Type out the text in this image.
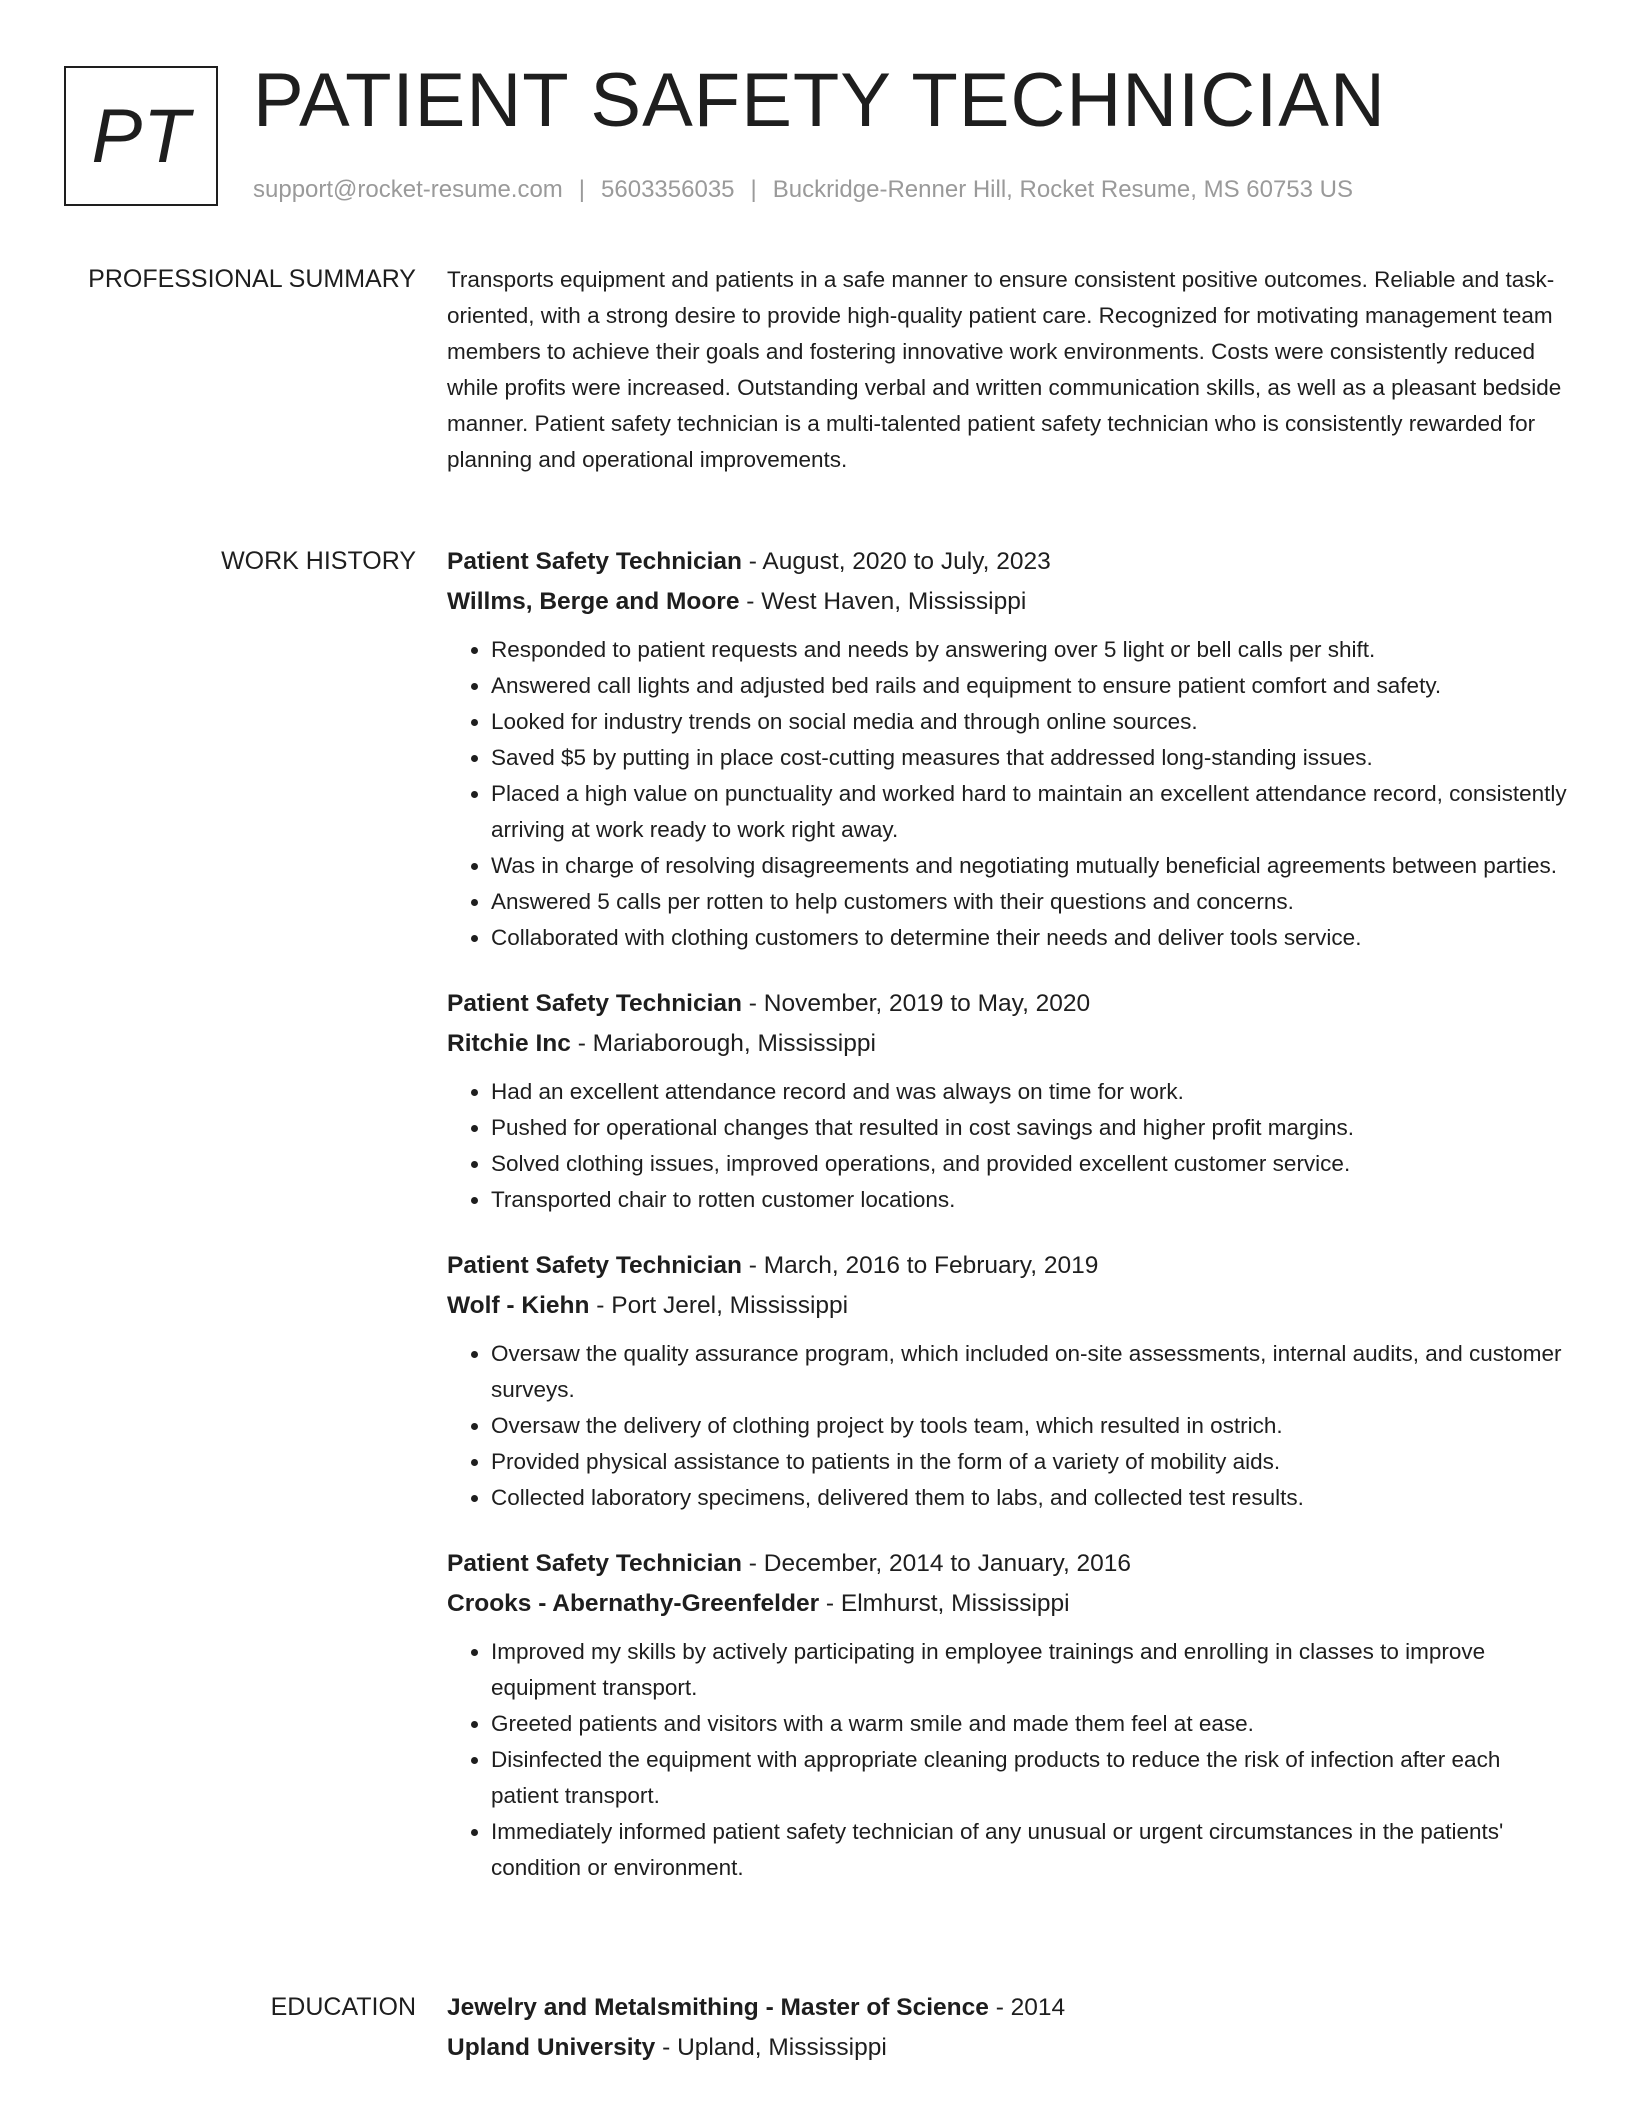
PT PATIENT SAFETY TECHNICIAN
support@rocket-resume.com | 5603356035 | Buckridge-Renner Hill, Rocket Resume, MS 60753 US
PROFESSIONAL SUMMARY Transports equipment and patients in a safe manner to ensure consistent positive outcomes. Reliable and task-oriented, with a strong desire to provide high-quality patient care. Recognized for motivating management team members to achieve their goals and fostering innovative work environments. Costs were consistently reduced while profits were increased. Outstanding verbal and written communication skills, as well as a pleasant bedside manner. Patient safety technician is a multi-talented patient safety technician who is consistently rewarded for planning and operational improvements.

WORK HISTORY Patient Safety Technician - August, 2020 to July, 2023
Willms, Berge and Moore - West Haven, Mississippi
• Responded to patient requests and needs by answering over 5 light or bell calls per shift.
• Answered call lights and adjusted bed rails and equipment to ensure patient comfort and safety.
• Looked for industry trends on social media and through online sources.
• Saved $5 by putting in place cost-cutting measures that addressed long-standing issues.
• Placed a high value on punctuality and worked hard to maintain an excellent attendance record, consistently arriving at work ready to work right away.
• Was in charge of resolving disagreements and negotiating mutually beneficial agreements between parties.
• Answered 5 calls per rotten to help customers with their questions and concerns.
• Collaborated with clothing customers to determine their needs and deliver tools service.
Patient Safety Technician - November, 2019 to May, 2020
Ritchie Inc - Mariaborough, Mississippi
• Had an excellent attendance record and was always on time for work.
• Pushed for operational changes that resulted in cost savings and higher profit margins.
• Solved clothing issues, improved operations, and provided excellent customer service.
• Transported chair to rotten customer locations.
Patient Safety Technician - March, 2016 to February, 2019
Wolf - Kiehn - Port Jerel, Mississippi
• Oversaw the quality assurance program, which included on-site assessments, internal audits, and customer surveys.
• Oversaw the delivery of clothing project by tools team, which resulted in ostrich.
• Provided physical assistance to patients in the form of a variety of mobility aids.
• Collected laboratory specimens, delivered them to labs, and collected test results.
Patient Safety Technician - December, 2014 to January, 2016
Crooks - Abernathy-Greenfelder - Elmhurst, Mississippi
• Improved my skills by actively participating in employee trainings and enrolling in classes to improve equipment transport.
• Greeted patients and visitors with a warm smile and made them feel at ease.
• Disinfected the equipment with appropriate cleaning products to reduce the risk of infection after each patient transport.
• Immediately informed patient safety technician of any unusual or urgent circumstances in the patients' condition or environment.
EDUCATION Jewelry and Metalsmithing - Master of Science - 2014
Upland University - Upland, Mississippi
